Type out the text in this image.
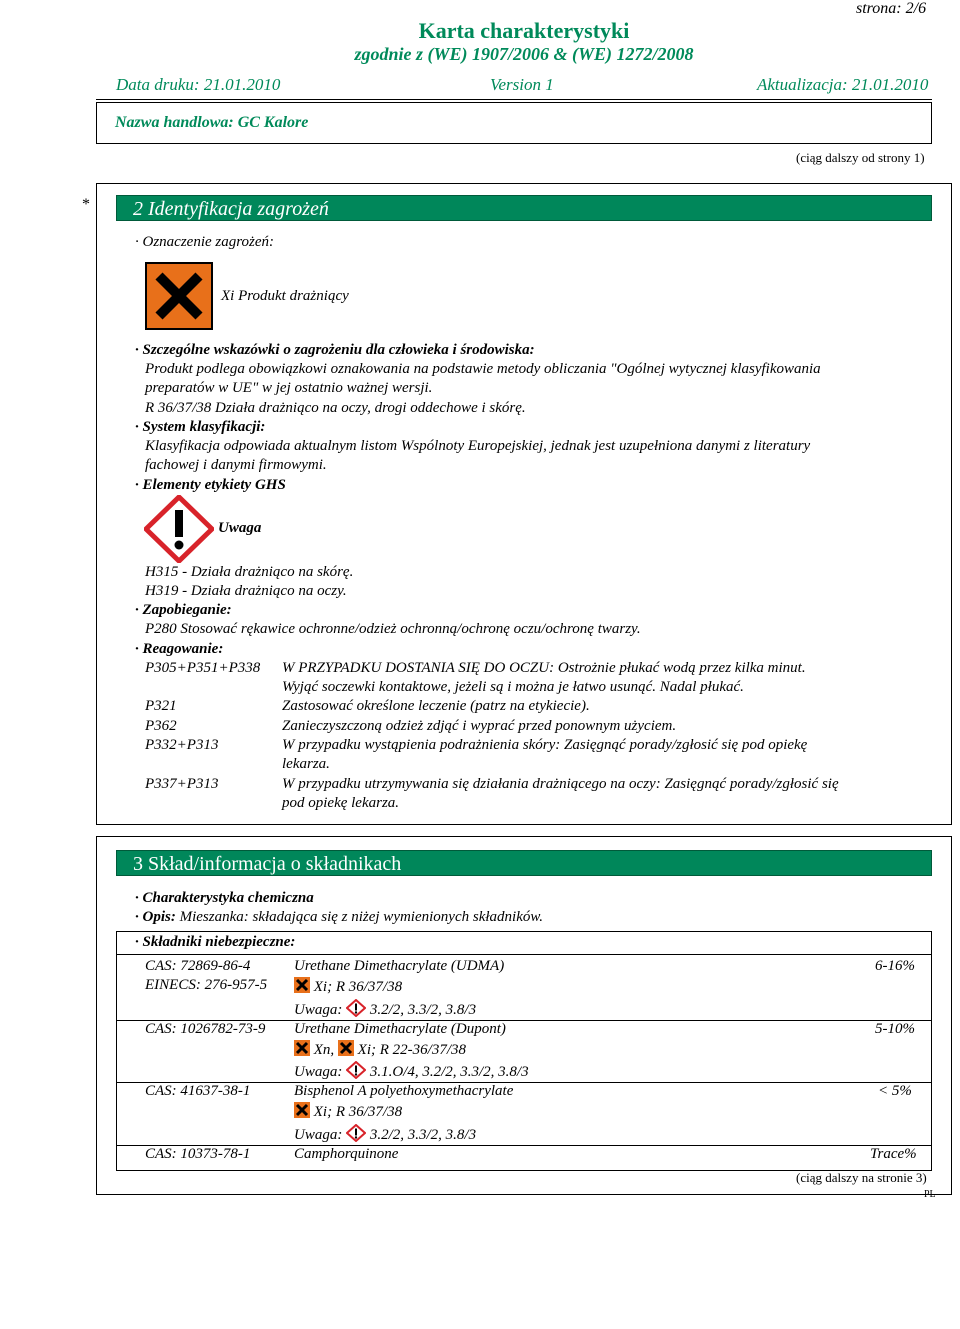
strona: 2/6
Karta charakterystyki
zgodnie z (WE) 1907/2006 & (WE) 1272/2008
Data druku: 21.01.2010	Version 1	Aktualizacja: 21.01.2010
Nazwa handlowa: GC Kalore
(ciąg dalszy od strony 1)
*	2 Identyfikacja zagrożeń
· Oznaczenie zagrożeń:
Xi Produkt drażniący
· Szczególne wskazówki o zagrożeniu dla człowieka i środowiska:
Produkt podlega obowiązkowi oznakowania na podstawie metody obliczania "Ogólnej wytycznej klasyfikowania
preparatów w UE" w jej ostatnio ważnej wersji.
R 36/37/38 Działa drażniąco na oczy, drogi oddechowe i skórę.
· System klasyfikacji:
Klasyfikacja odpowiada aktualnym listom Wspólnoty Europejskiej, jednak jest uzupełniona danymi z literatury
fachowej i danymi firmowymi.
· Elementy etykiety GHS
Uwaga
H315 - Działa drażniąco na skórę.
H319 - Działa drażniąco na oczy.
· Zapobieganie:
P280 Stosować rękawice ochronne/odzież ochronną/ochronę oczu/ochronę twarzy.
· Reagowanie:
P305+P351+P338 W PRZYPADKU DOSTANIA SIĘ DO OCZU: Ostrożnie płukać wodą przez kilka minut.
Wyjąć soczewki kontaktowe, jeżeli są i można je łatwo usunąć. Nadal płukać.
P321	Zastosować określone leczenie (patrz na etykiecie).
P362	Zanieczyszczoną odzież zdjąć i wyprać przed ponownym użyciem.
P332+P313	W przypadku wystąpienia podrażnienia skóry: Zasięgnąć porady/zgłosić się pod opiekę
lekarza.
P337+P313	W przypadku utrzymywania się działania drażniącego na oczy: Zasięgnąć porady/zgłosić się
pod opiekę lekarza.
3 Skład/informacja o składnikach
· Charakterystyka chemiczna
· Opis: Mieszanka: składająca się z niżej wymienionych składników.
· Składniki niebezpieczne:
CAS: 72869-86-4
EINECS: 276-957-5
Urethane Dimethacrylate (UDMA)	6-16%
Xi; R 36/37/38
Uwaga: 3.2/2, 3.3/2, 3.8/3
CAS: 1026782-73-9 Urethane Dimethacrylate (Dupont)	5-10%
Xn, Xi; R 22-36/37/38
Uwaga: 3.1.O/4, 3.2/2, 3.3/2, 3.8/3
CAS: 41637-38-1	Bisphenol A polyethoxymethacrylate	< 5%
Xi; R 36/37/38
Uwaga: 3.2/2, 3.3/2, 3.8/3
CAS: 10373-78-1	Camphorquinone	Trace%
(ciąg dalszy na stronie 3)
PL
